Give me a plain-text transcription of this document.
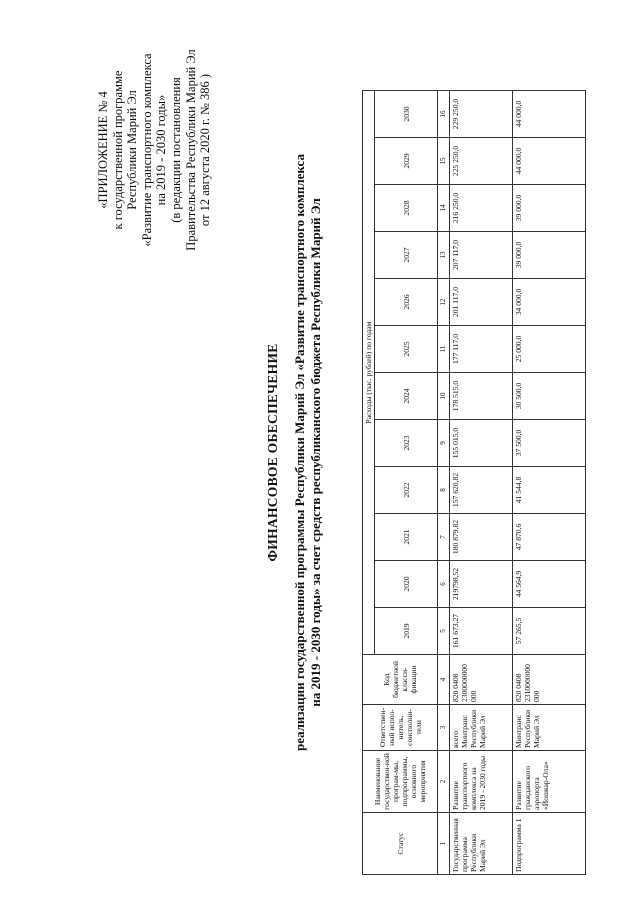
«ПРИЛОЖЕНИЕ № 4 к государственной программе Республики Марий Эл «Развитие транспортного комплекса на 2019 - 2030 годы» (в редакции постановления Правительства Республики Марий Эл от 12 августа 2020 г. № 386 )
ФИНАНСОВОЕ ОБЕСПЕЧЕНИЕ реализации государственной программы Республики Марий Эл «Развитие транспортного комплекса на 2019 - 2030 годы» за счет средств республиканского бюджета Республики Марий Эл
Статус	Наименование государствен-ной програм-мы, подпрограммы, основного мероприятия	Ответствен-ный испол-нитель, соисполни-тели	Код бюджетной класси-фикации	Расходы (тыс. рублей) по годам											
				2019	2020	2021	2022	2023	2024	2025	2026	2027	2028	2029	2030
1	2	3	4	5	6	7	8	9	10	11	12	13	14	15	16
Государственная программа Республики Марий Эл	Развитие транспортного комплекса на 2019 - 2030 годы	всего Минтранс Республики Марий Эл	820 0408 2300000000 000	161 673,27	219798,52	180 879,82	157 620,82	155 015,0	178 515,0	177 117,0	201 117,0	207 117,0	216 250,0	225 250,0	229 250,0
Подпрограмма 1	Развитие гражданского аэропорта «Йошкар-Ола»	Минтранс Республики Марий Эл	820 0408 2310000000 000	57 265,5	44 564,9	47 870,6	41 544,8	37 500,0	30 500,0	25 000,0	34 000,0	39 000,0	39 000,0	44 000,0	44 000,0
